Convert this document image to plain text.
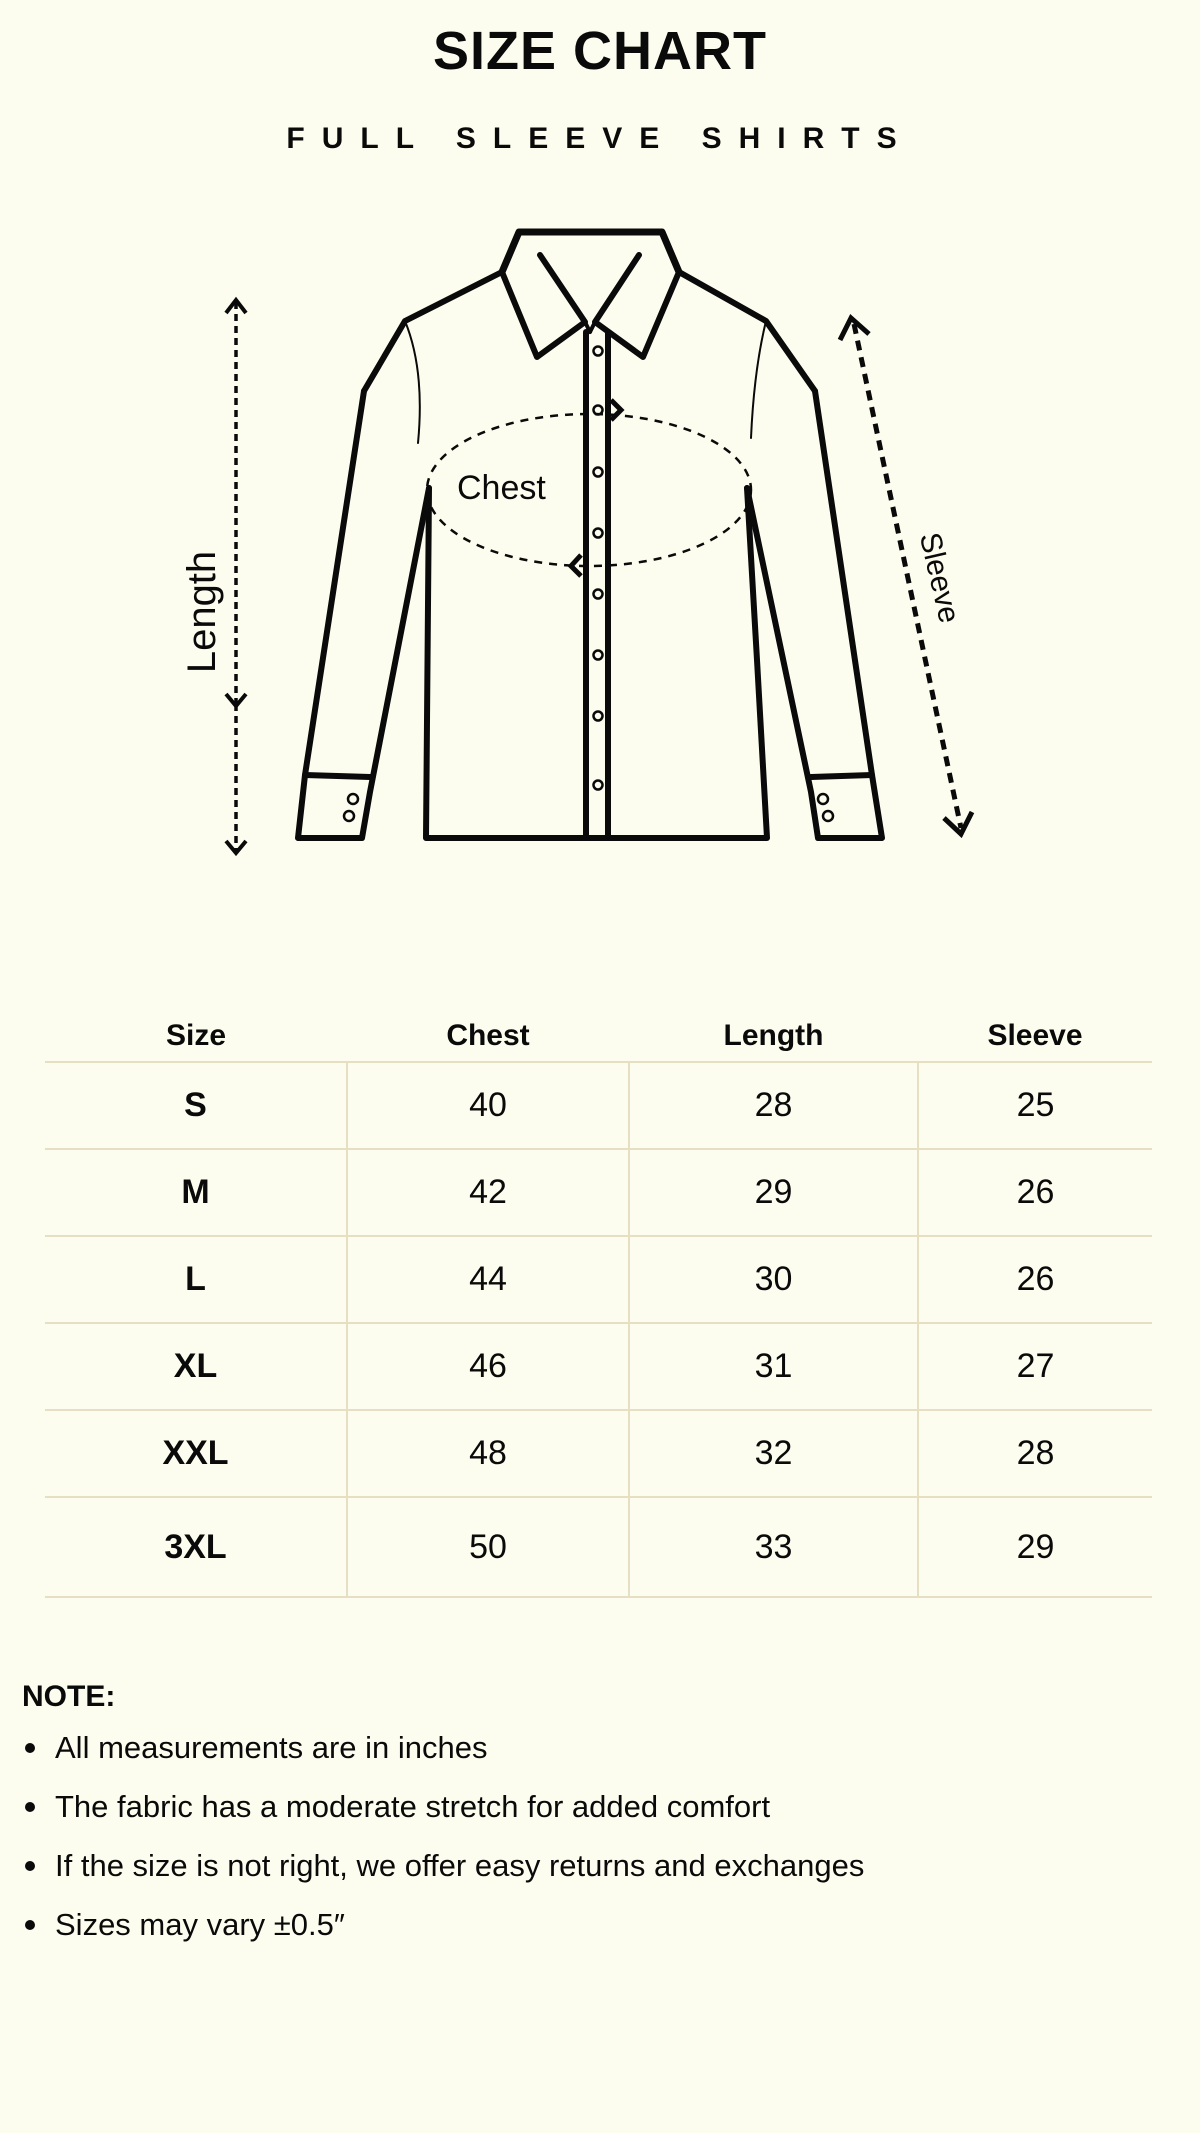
SIZE CHART
FULL SLEEVE SHIRTS
Chest
Length	Sleeve
Size	Chest	Length	Sleeve
S	40	28	25
M	42	29	26
L	44	30	26
XL	46	31	27
XXL	48	32	28
3XL	50	33	29

NOTE:

All measurements are in inches
The fabric has a moderate stretch for added comfort
If the size is not right, we offer easy returns and exchanges
Sizes may vary ±0.5″
